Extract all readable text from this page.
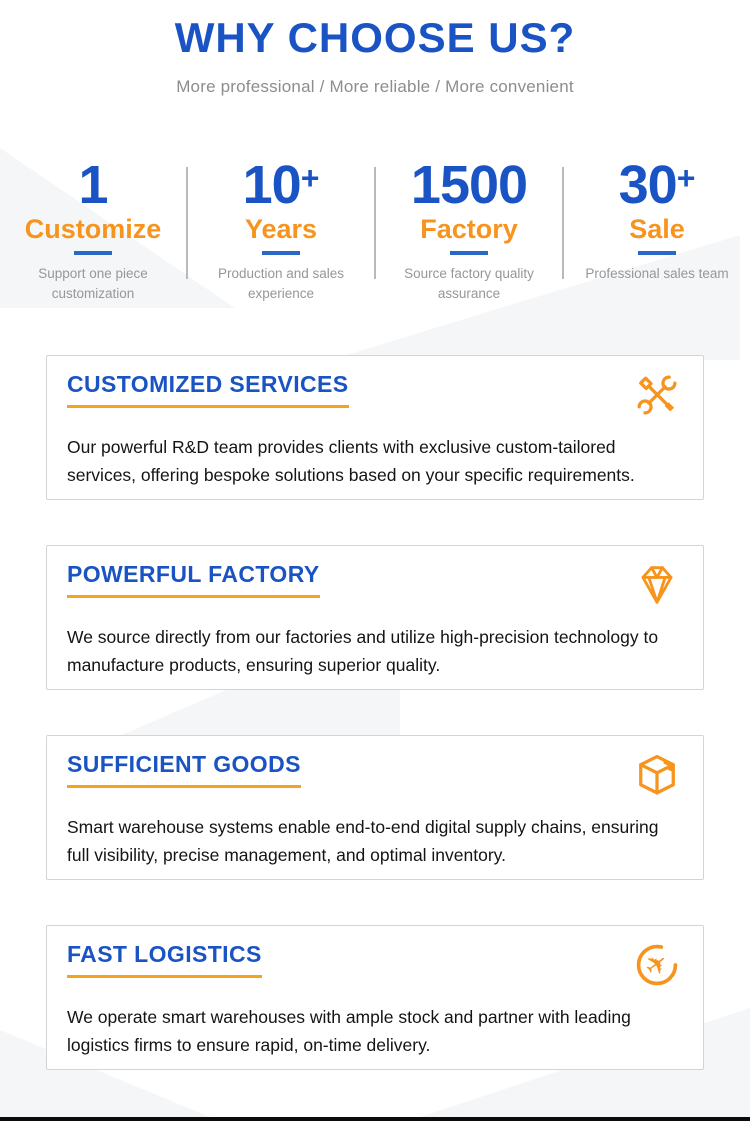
WHY CHOOSE US?
More professional / More reliable / More convenient
1
Customize
Support one piece customization
10+
Years
Production and sales experience
1500
Factory
Source factory quality assurance
30+
Sale
Professional sales team
CUSTOMIZED SERVICES
Our powerful R&D team provides clients with exclusive custom-tailored services, offering bespoke solutions based on your specific requirements.
POWERFUL FACTORY
We source directly from our factories and utilize high-precision technology to manufacture products, ensuring superior quality.
SUFFICIENT GOODS
Smart warehouse systems enable end-to-end digital supply chains, ensuring full visibility, precise management, and optimal inventory.
FAST LOGISTICS	✈
We operate smart warehouses with ample stock and partner with leading logistics firms to ensure rapid, on-time delivery.
